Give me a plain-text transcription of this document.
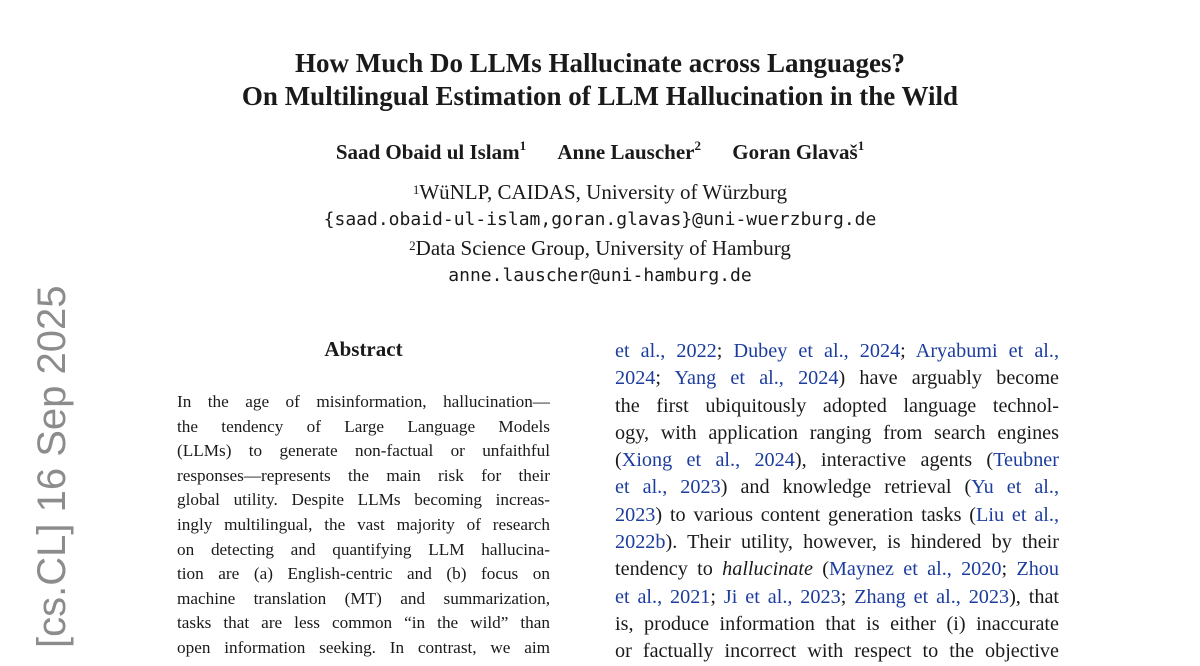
How Much Do LLMs Hallucinate across Languages?
On Multilingual Estimation of LLM Hallucination in the Wild
Saad Obaid ul Islam$^1$ Anne Lauscher$^2$ Goran Glavaš$^1$
$^1$WüNLP, CAIDAS, University of Würzburg
{saad.obaid-ul-islam,goran.glavas}@uni-wuerzburg.de
$^2$Data Science Group, University of Hamburg
anne.lauscher@uni-hamburg.de
Abstract
In the age of misinformation, hallucination—
the tendency of Large Language Models
(LLMs) to generate non-factual or unfaithful
responses—represents the main risk for their
global utility. Despite LLMs becoming increas-
ingly multilingual, the vast majority of research
on detecting and quantifying LLM hallucina-
tion are (a) English-centric and (b) focus on
machine translation (MT) and summarization,
tasks that are less common “in the wild” than
open information seeking. In contrast, we aim
et al., 2022; Dubey et al., 2024; Aryabumi et al.,
2024; Yang et al., 2024) have arguably become
the first ubiquitously adopted language technol-
ogy, with application ranging from search engines
(Xiong et al., 2024), interactive agents (Teubner
et al., 2023) and knowledge retrieval (Yu et al.,
2023) to various content generation tasks (Liu et al.,
2022b). Their utility, however, is hindered by their
tendency to hallucinate (Maynez et al., 2020; Zhou
et al., 2021; Ji et al., 2023; Zhang et al., 2023), that
is, produce information that is either (i) inaccurate
or factually incorrect with respect to the objective
[cs.CL] 16 Sep 2025
